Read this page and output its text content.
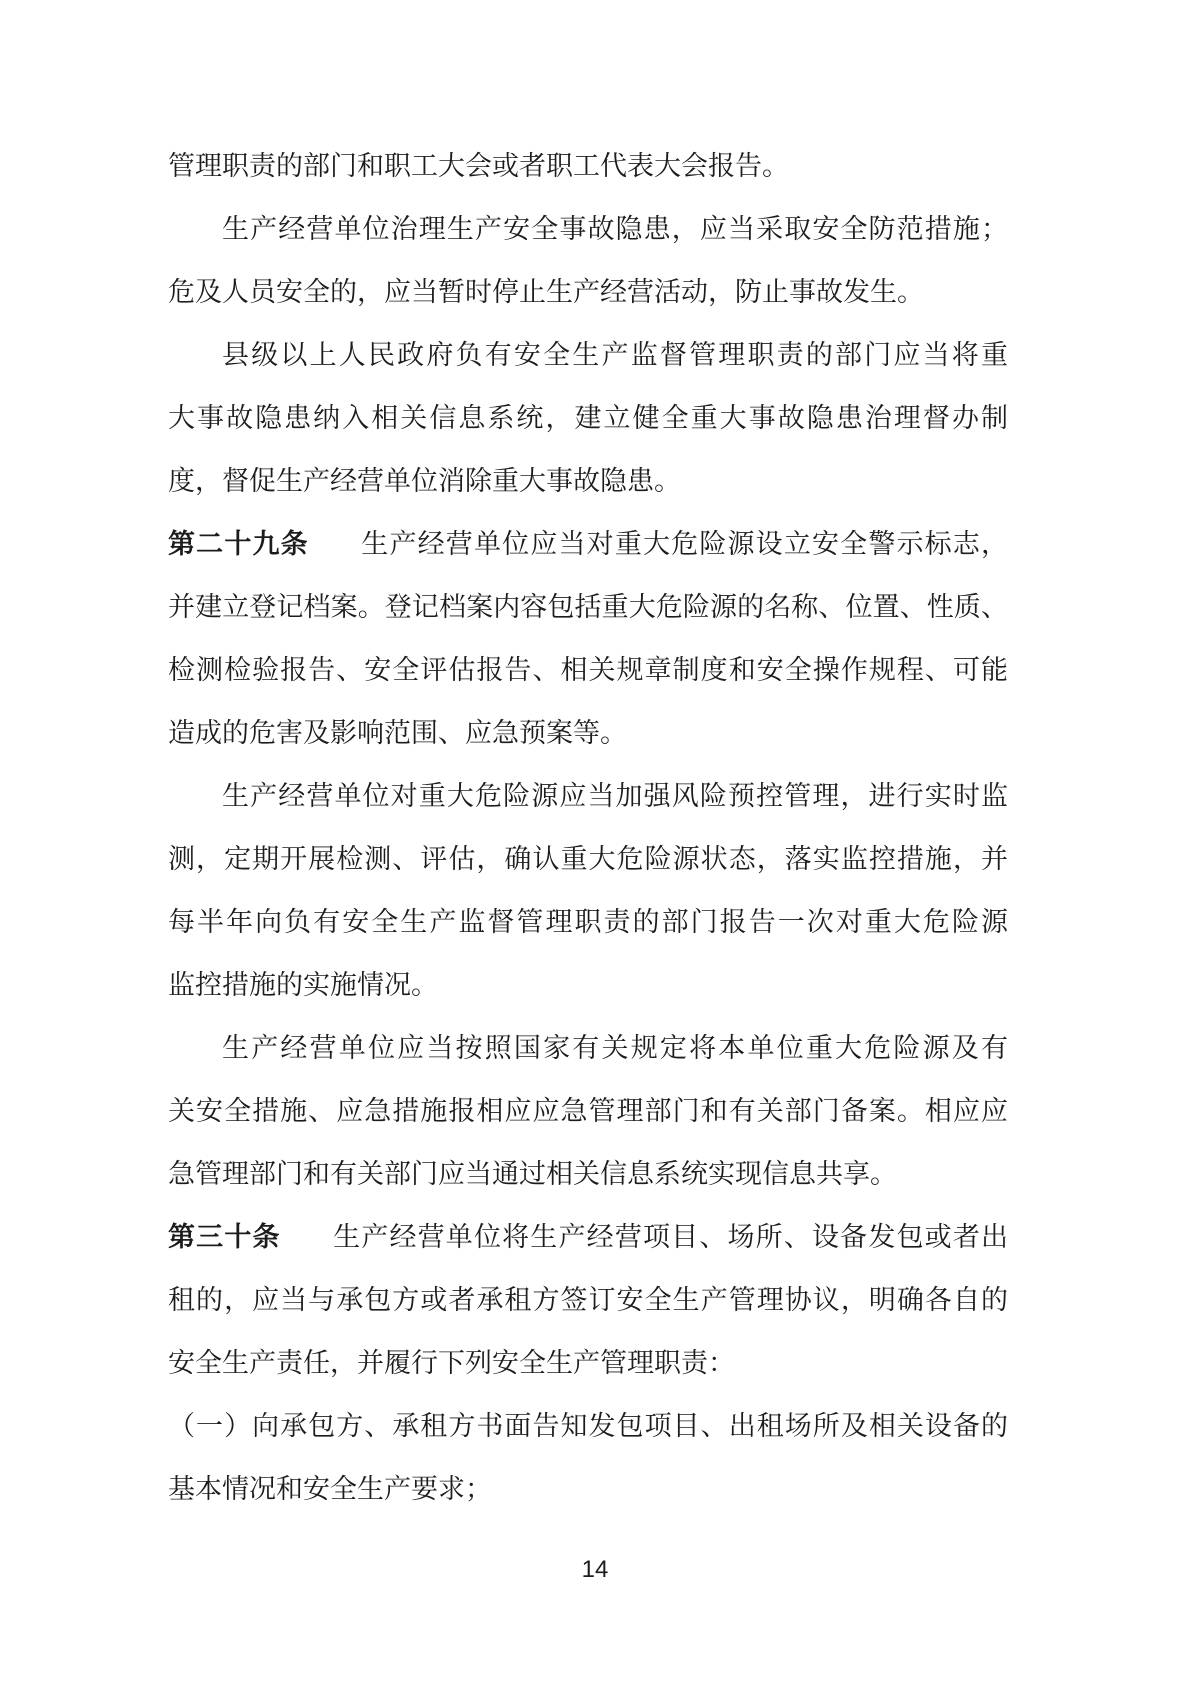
管理职责的部门和职工大会或者职工代表大会报告。
生产经营单位治理生产安全事故隐患，应当采取安全防范措施；
危及人员安全的，应当暂时停止生产经营活动，防止事故发生。
县级以上人民政府负有安全生产监督管理职责的部门应当将重
大事故隐患纳入相关信息系统，建立健全重大事故隐患治理督办制
度，督促生产经营单位消除重大事故隐患。
第二十九条 生产经营单位应当对重大危险源设立安全警示标志，
并建立登记档案。登记档案内容包括重大危险源的名称、位置、性质、
检测检验报告、安全评估报告、相关规章制度和安全操作规程、可能
造成的危害及影响范围、应急预案等。
生产经营单位对重大危险源应当加强风险预控管理，进行实时监
测，定期开展检测、评估，确认重大危险源状态，落实监控措施，并
每半年向负有安全生产监督管理职责的部门报告一次对重大危险源
监控措施的实施情况。
生产经营单位应当按照国家有关规定将本单位重大危险源及有
关安全措施、应急措施报相应应急管理部门和有关部门备案。相应应
急管理部门和有关部门应当通过相关信息系统实现信息共享。
第三十条 生产经营单位将生产经营项目、场所、设备发包或者出
租的，应当与承包方或者承租方签订安全生产管理协议，明确各自的
安全生产责任，并履行下列安全生产管理职责：
（一）向承包方、承租方书面告知发包项目、出租场所及相关设备的
基本情况和安全生产要求；
14
